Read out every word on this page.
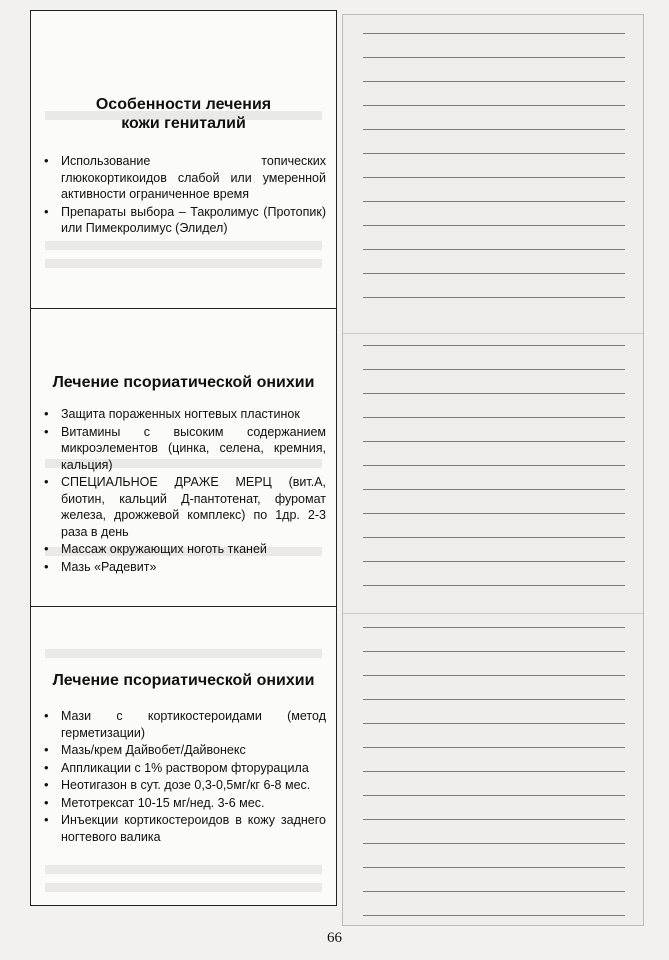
Особенности лечения
кожи гениталий
• Использование топических глюкокортикоидов слабой или умеренной активности ограниченное время
• Препараты выбора – Такролимус (Протопик) или Пимекролимус (Элидел)
Лечение псориатической онихии
• Защита пораженных ногтевых пластинок
• Витамины с высоким содержанием микроэлементов (цинка, селена, кремния, кальция)
• СПЕЦИАЛЬНОЕ ДРАЖЕ МЕРЦ (вит.А, биотин, кальций Д-пантотенат, фуромат железа, дрожжевой комплекс) по 1др. 2-3 раза в день
• Массаж окружающих ноготь тканей
• Мазь «Радевит»
Лечение псориатической онихии
• Мази с кортикостероидами (метод герметизации)
• Мазь/крем Дайвобет/Дайвонекс
• Аппликации с 1% раствором фторурацила
• Неотигазон в сут. дозе 0,3-0,5мг/кг 6-8 мес.
• Метотрексат 10-15 мг/нед. 3-6 мес.
• Инъекции кортикостероидов в кожу заднего ногтевого валика
66
